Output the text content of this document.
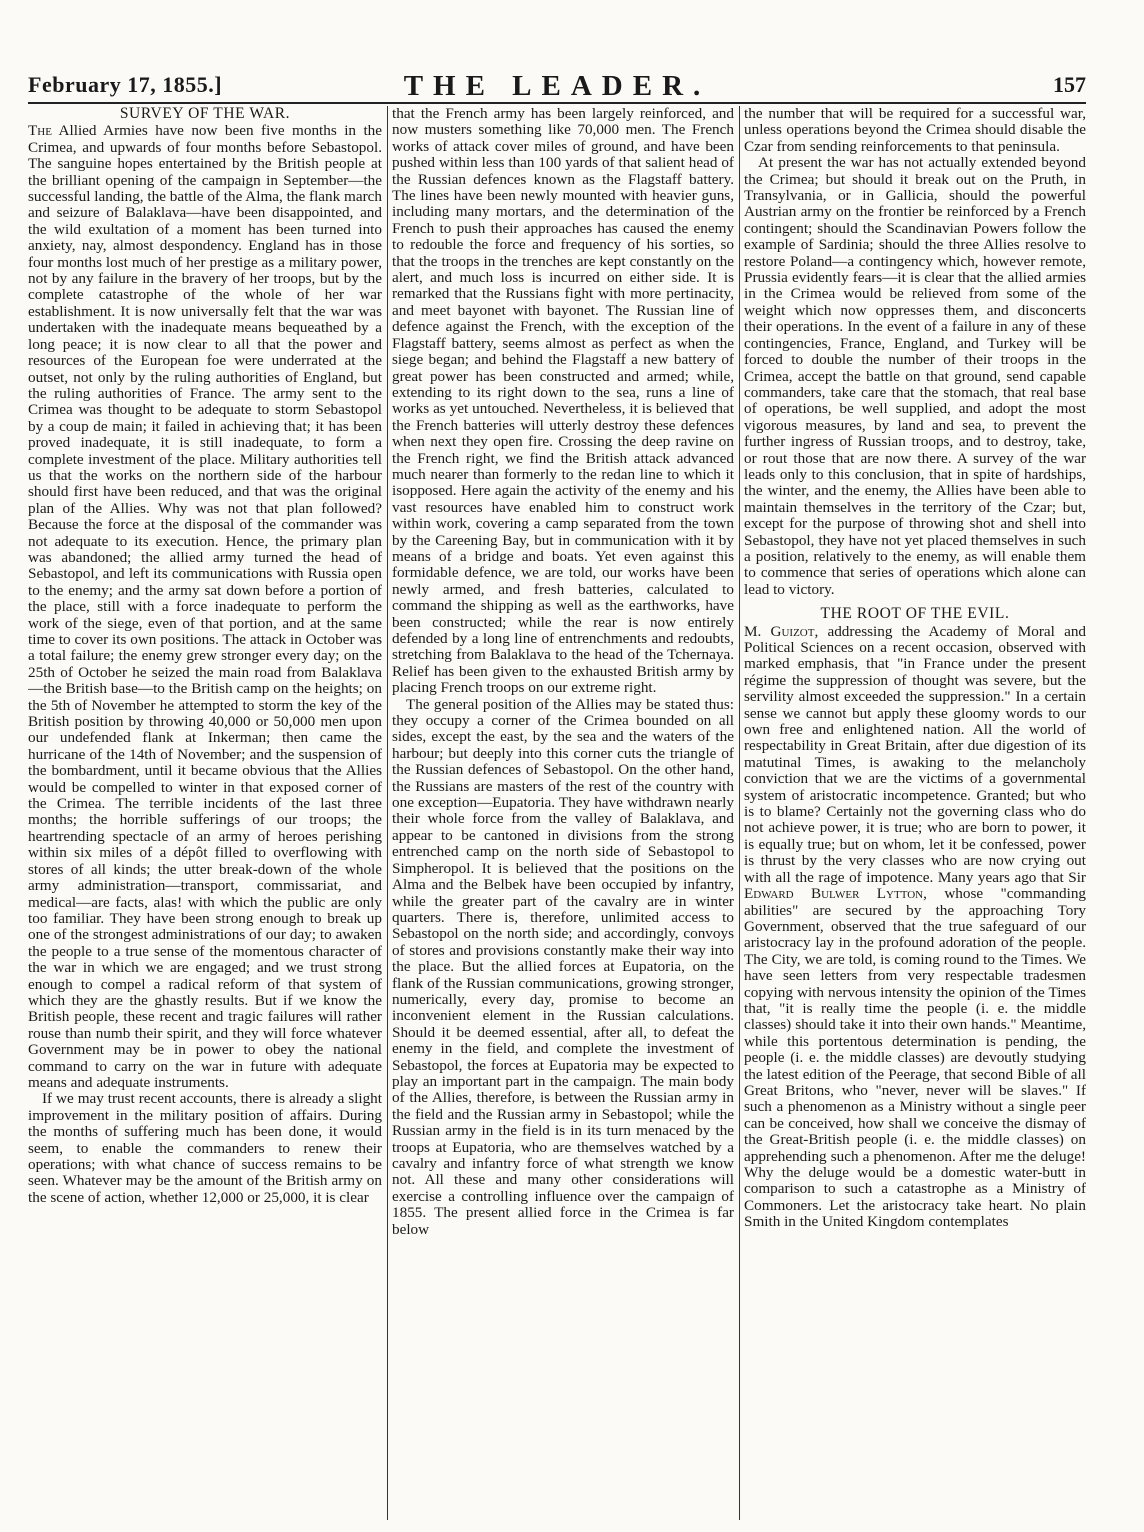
February 17, 1855.]	THE LEADER.	157
SURVEY OF THE WAR.

The Allied Armies have now been five months in the Crimea, and upwards of four months before Sebastopol. The sanguine hopes entertained by the British people at the brilliant opening of the campaign in September—the successful landing, the battle of the Alma, the flank march and seizure of Balaklava—have been disappointed, and the wild exultation of a moment has been turned into anxiety, nay, almost despondency. England has in those four months lost much of her prestige as a military power, not by any failure in the bravery of her troops, but by the complete catastrophe of the whole of her war establishment. It is now universally felt that the war was undertaken with the inadequate means bequeathed by a long peace; it is now clear to all that the power and resources of the European foe were underrated at the outset, not only by the ruling authorities of England, but the ruling authorities of France. The army sent to the Crimea was thought to be adequate to storm Sebastopol by a coup de main; it failed in achieving that; it has been proved inadequate, it is still inadequate, to form a complete investment of the place. Military authorities tell us that the works on the northern side of the harbour should first have been reduced, and that was the original plan of the Allies. Why was not that plan followed? Because the force at the disposal of the commander was not adequate to its execution. Hence, the primary plan was abandoned; the allied army turned the head of Sebastopol, and left its communications with Russia open to the enemy; and the army sat down before a portion of the place, still with a force inadequate to perform the work of the siege, even of that portion, and at the same time to cover its own positions. The attack in October was a total failure; the enemy grew stronger every day; on the 25th of October he seized the main road from Balaklava—the British base—to the British camp on the heights; on the 5th of November he attempted to storm the key of the British position by throwing 40,000 or 50,000 men upon our undefended flank at Inkerman; then came the hurricane of the 14th of November; and the suspension of the bombardment, until it became obvious that the Allies would be compelled to winter in that exposed corner of the Crimea. The terrible incidents of the last three months; the horrible sufferings of our troops; the heartrending spectacle of an army of heroes perishing within six miles of a dépôt filled to overflowing with stores of all kinds; the utter break-down of the whole army administration—transport, commissariat, and medical—are facts, alas! with which the public are only too familiar. They have been strong enough to break up one of the strongest administrations of our day; to awaken the people to a true sense of the momentous character of the war in which we are engaged; and we trust strong enough to compel a radical reform of that system of which they are the ghastly results. But if we know the British people, these recent and tragic failures will rather rouse than numb their spirit, and they will force whatever Government may be in power to obey the national command to carry on the war in future with adequate means and adequate instruments.

If we may trust recent accounts, there is already a slight improvement in the military position of affairs. During the months of suffering much has been done, it would seem, to enable the commanders to renew their operations; with what chance of success remains to be seen. Whatever may be the amount of the British army on the scene of action, whether 12,000 or 25,000, it is clear

that the French army has been largely reinforced, and now musters something like 70,000 men. The French works of attack cover miles of ground, and have been pushed within less than 100 yards of that salient head of the Russian defences known as the Flagstaff battery. The lines have been newly mounted with heavier guns, including many mortars, and the determination of the French to push their approaches has caused the enemy to redouble the force and frequency of his sorties, so that the troops in the trenches are kept constantly on the alert, and much loss is incurred on either side. It is remarked that the Russians fight with more pertinacity, and meet bayonet with bayonet. The Russian line of defence against the French, with the exception of the Flagstaff battery, seems almost as perfect as when the siege began; and behind the Flagstaff a new battery of great power has been constructed and armed; while, extending to its right down to the sea, runs a line of works as yet untouched. Nevertheless, it is believed that the French batteries will utterly destroy these defences when next they open fire. Crossing the deep ravine on the French right, we find the British attack advanced much nearer than formerly to the redan line to which it isopposed. Here again the activity of the enemy and his vast resources have enabled him to construct work within work, covering a camp separated from the town by the Careening Bay, but in communication with it by means of a bridge and boats. Yet even against this formidable defence, we are told, our works have been newly armed, and fresh batteries, calculated to command the shipping as well as the earthworks, have been constructed; while the rear is now entirely defended by a long line of entrenchments and redoubts, stretching from Balaklava to the head of the Tchernaya. Relief has been given to the exhausted British army by placing French troops on our extreme right.

The general position of the Allies may be stated thus: they occupy a corner of the Crimea bounded on all sides, except the east, by the sea and the waters of the harbour; but deeply into this corner cuts the triangle of the Russian defences of Sebastopol. On the other hand, the Russians are masters of the rest of the country with one exception—Eupatoria. They have withdrawn nearly their whole force from the valley of Balaklava, and appear to be cantoned in divisions from the strong entrenched camp on the north side of Sebastopol to Simpheropol. It is believed that the positions on the Alma and the Belbek have been occupied by infantry, while the greater part of the cavalry are in winter quarters. There is, therefore, unlimited access to Sebastopol on the north side; and accordingly, convoys of stores and provisions constantly make their way into the place. But the allied forces at Eupatoria, on the flank of the Russian communications, growing stronger, numerically, every day, promise to become an inconvenient element in the Russian calculations. Should it be deemed essential, after all, to defeat the enemy in the field, and complete the investment of Sebastopol, the forces at Eupatoria may be expected to play an important part in the campaign. The main body of the Allies, therefore, is between the Russian army in the field and the Russian army in Sebastopol; while the Russian army in the field is in its turn menaced by the troops at Eupatoria, who are themselves watched by a cavalry and infantry force of what strength we know not. All these and many other considerations will exercise a controlling influence over the campaign of 1855. The present allied force in the Crimea is far below

the number that will be required for a successful war, unless operations beyond the Crimea should disable the Czar from sending reinforcements to that peninsula.

At present the war has not actually extended beyond the Crimea; but should it break out on the Pruth, in Transylvania, or in Gallicia, should the powerful Austrian army on the frontier be reinforced by a French contingent; should the Scandinavian Powers follow the example of Sardinia; should the three Allies resolve to restore Poland—a contingency which, however remote, Prussia evidently fears—it is clear that the allied armies in the Crimea would be relieved from some of the weight which now oppresses them, and disconcerts their operations. In the event of a failure in any of these contingencies, France, England, and Turkey will be forced to double the number of their troops in the Crimea, accept the battle on that ground, send capable commanders, take care that the stomach, that real base of operations, be well supplied, and adopt the most vigorous measures, by land and sea, to prevent the further ingress of Russian troops, and to destroy, take, or rout those that are now there. A survey of the war leads only to this conclusion, that in spite of hardships, the winter, and the enemy, the Allies have been able to maintain themselves in the territory of the Czar; but, except for the purpose of throwing shot and shell into Sebastopol, they have not yet placed themselves in such a position, relatively to the enemy, as will enable them to commence that series of operations which alone can lead to victory.

THE ROOT OF THE EVIL.

M. Guizot, addressing the Academy of Moral and Political Sciences on a recent occasion, observed with marked emphasis, that "in France under the present régime the suppression of thought was severe, but the servility almost exceeded the suppression." In a certain sense we cannot but apply these gloomy words to our own free and enlightened nation. All the world of respectability in Great Britain, after due digestion of its matutinal Times, is awaking to the melancholy conviction that we are the victims of a governmental system of aristocratic incompetence. Granted; but who is to blame? Certainly not the governing class who do not achieve power, it is true; who are born to power, it is equally true; but on whom, let it be confessed, power is thrust by the very classes who are now crying out with all the rage of impotence. Many years ago that Sir Edward Bulwer Lytton, whose "commanding abilities" are secured by the approaching Tory Government, observed that the true safeguard of our aristocracy lay in the profound adoration of the people. The City, we are told, is coming round to the Times. We have seen letters from very respectable tradesmen copying with nervous intensity the opinion of the Times that, "it is really time the people (i. e. the middle classes) should take it into their own hands." Meantime, while this portentous determination is pending, the people (i. e. the middle classes) are devoutly studying the latest edition of the Peerage, that second Bible of all Great Britons, who "never, never will be slaves." If such a phenomenon as a Ministry without a single peer can be conceived, how shall we conceive the dismay of the Great-British people (i. e. the middle classes) on apprehending such a phenomenon. After me the deluge! Why the deluge would be a domestic water-butt in comparison to such a catastrophe as a Ministry of Commoners. Let the aristocracy take heart. No plain Smith in the United Kingdom contemplates
